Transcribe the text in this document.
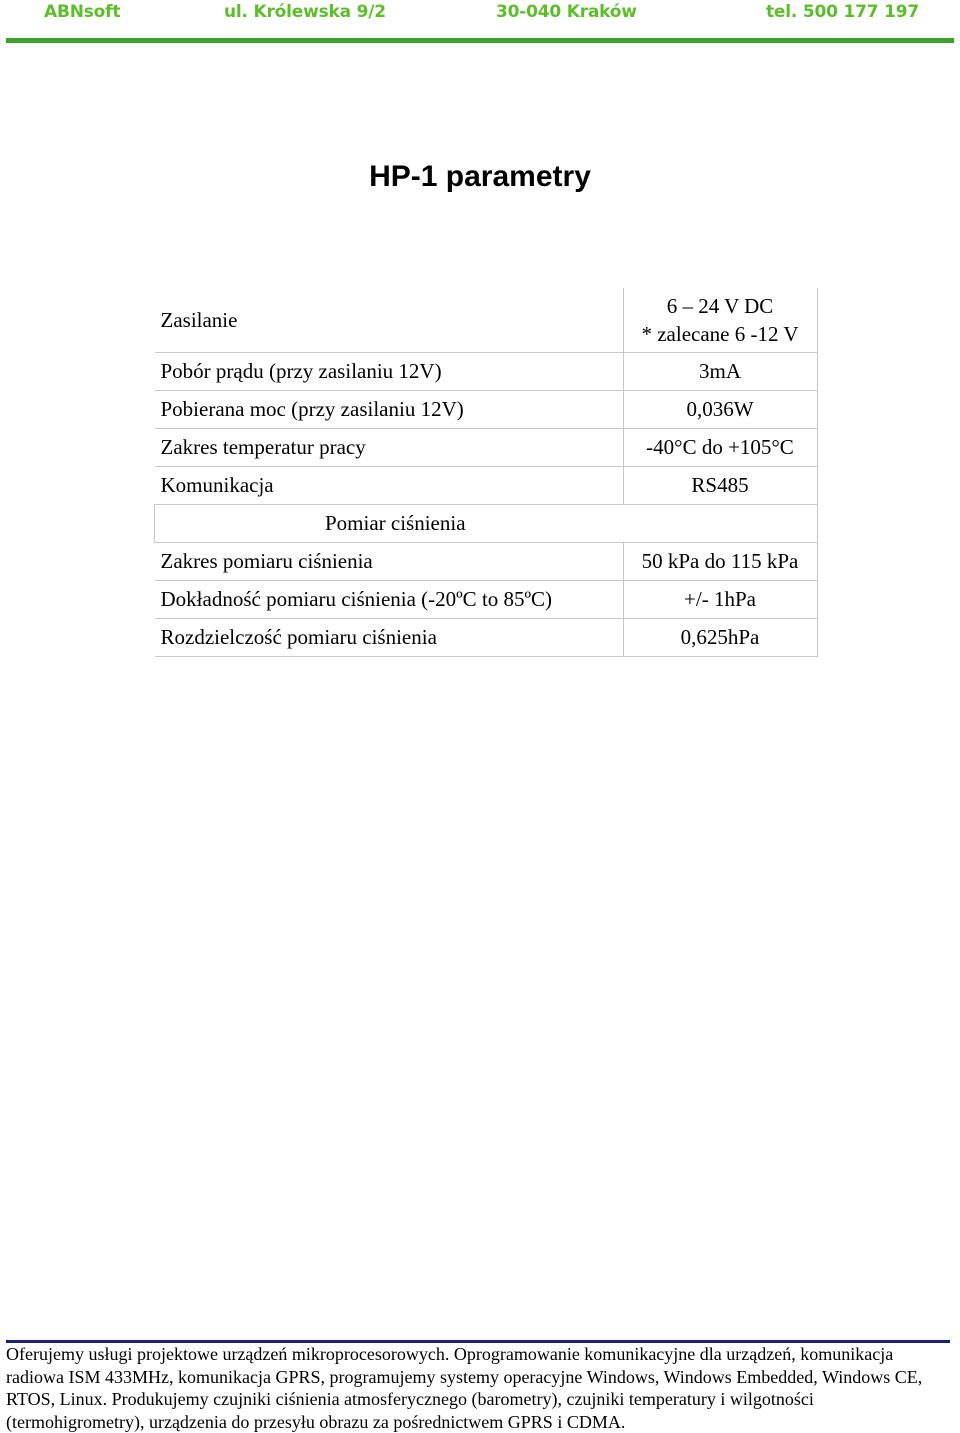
ABNsoft	ul. Królewska 9/2	30-040 Kraków	tel. 500 177 197
HP-1 parametry
Zasilanie	6 – 24 V DC
* zalecane 6 -12 V
Pobór prądu (przy zasilaniu 12V)	3mA
Pobierana moc (przy zasilaniu 12V)	0,036W
Zakres temperatur pracy	-40°C do +105°C
Komunikacja	RS485
Pomiar ciśnienia	
Zakres pomiaru ciśnienia	50 kPa do 115 kPa
Dokładność pomiaru ciśnienia (-20ºC to 85ºC)	+/- 1hPa
Rozdzielczość pomiaru ciśnienia	0,625hPa
Oferujemy usługi projektowe urządzeń mikroprocesorowych. Oprogramowanie komunikacyjne dla urządzeń, komunikacja radiowa ISM 433MHz, komunikacja GPRS, programujemy systemy operacyjne Windows, Windows Embedded, Windows CE, RTOS, Linux. Produkujemy czujniki ciśnienia atmosferycznego (barometry), czujniki temperatury i wilgotności (termohigrometry), urządzenia do przesyłu obrazu za pośrednictwem GPRS i CDMA.
